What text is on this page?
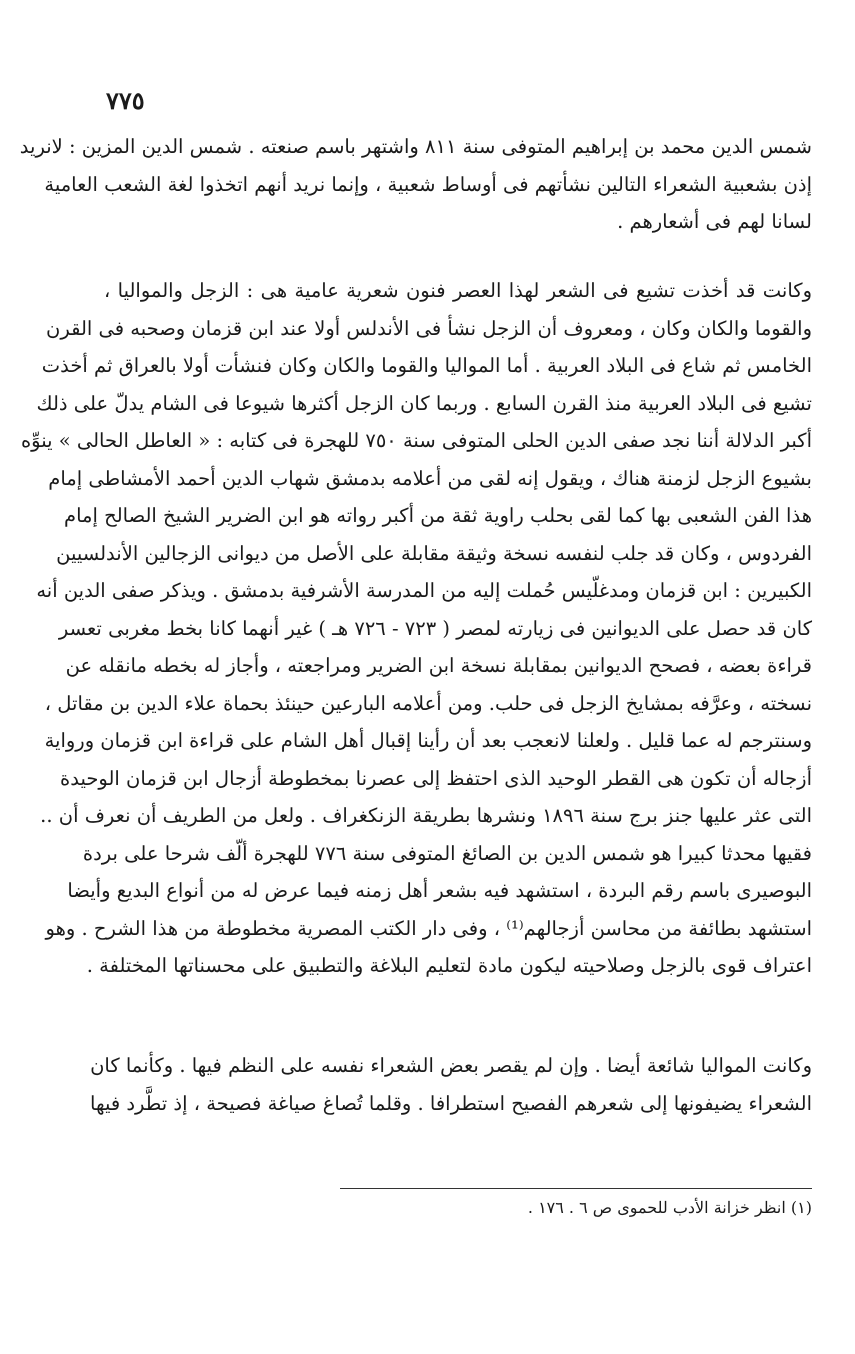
٧٧٥
شمس الدين محمد بن إبراهيم المتوفى سنة ٨١١ واشتهر باسم صنعته . شمس الدين المزين : لانريد
إذن بشعبية الشعراء التالين نشأتهم فى أوساط شعبية ، وإنما نريد أنهم اتخذوا لغة الشعب العامية
لسانا لهم فى أشعارهم .
وكانت قد أخذت تشيع فى الشعر لهذا العصر فنون شعرية عامية هى : الزجل والمواليا ،
والقوما والكان وكان ، ومعروف أن الزجل نشأ فى الأندلس أولا عند ابن قزمان وصحبه فى القرن
الخامس ثم شاع فى البلاد العربية . أما المواليا والقوما والكان وكان فنشأت أولا بالعراق ثم أخذت
تشيع فى البلاد العربية منذ القرن السابع . وربما كان الزجل أكثرها شيوعا فى الشام يدلّ على ذلك
أكبر الدلالة أننا نجد صفى الدين الحلى المتوفى سنة ٧٥٠ للهجرة فى كتابه : « العاطل الحالى » ينوِّه
بشيوع الزجل لزمنة هناك ، ويقول إنه لقى من أعلامه بدمشق شهاب الدين أحمد الأمشاطى إمام
هذا الفن الشعبى بها كما لقى بحلب راوية ثقة من أكبر رواته هو ابن الضرير الشيخ الصالح إمام
الفردوس ، وكان قد جلب لنفسه نسخة وثيقة مقابلة على الأصل من ديوانى الزجالين الأندلسيين
الكبيرين : ابن قزمان ومدغلّيس حُملت إليه من المدرسة الأشرفية بدمشق . ويذكر صفى الدين أنه
كان قد حصل على الديوانين فى زيارته لمصر ( ٧٢٣ - ٧٢٦ هـ ) غير أنهما كانا بخط مغربى تعسر
قراءة بعضه ، فصحح الديوانين بمقابلة نسخة ابن الضرير ومراجعته ، وأجاز له بخطه مانقله عن
نسخته ، وعرَّفه بمشايخ الزجل فى حلب. ومن أعلامه البارعين حينئذ بحماة علاء الدين بن مقاتل ،
وسنترجم له عما قليل . ولعلنا لانعجب بعد أن رأينا إقبال أهل الشام على قراءة ابن قزمان ورواية
أزجاله أن تكون هى القطر الوحيد الذى احتفظ إلى عصرنا بمخطوطة أزجال ابن قزمان الوحيدة
التى عثر عليها جنز برج سنة ١٨٩٦ ونشرها بطريقة الزنكغراف . ولعل من الطريف أن نعرف أن ..
فقيها محدثا كبيرا هو شمس الدين بن الصائغ المتوفى سنة ٧٧٦ للهجرة ألّف شرحا على بردة
البوصيرى باسم رقم البردة ، استشهد فيه بشعر أهل زمنه فيما عرض له من أنواع البديع وأيضا
استشهد بطائفة من محاسن أزجالهم⁽¹⁾ ، وفى دار الكتب المصرية مخطوطة من هذا الشرح . وهو
اعتراف قوى بالزجل وصلاحيته ليكون مادة لتعليم البلاغة والتطبيق على محسناتها المختلفة .
وكانت المواليا شائعة أيضا . وإن لم يقصر بعض الشعراء نفسه على النظم فيها . وكأنما كان
الشعراء يضيفونها إلى شعرهم الفصيح استطرافا . وقلما تُصاغ صياغة فصيحة ، إذ تطَّرد فيها
(١) انظر خزانة الأدب للحموى ص ٦ . ١٧٦ .
